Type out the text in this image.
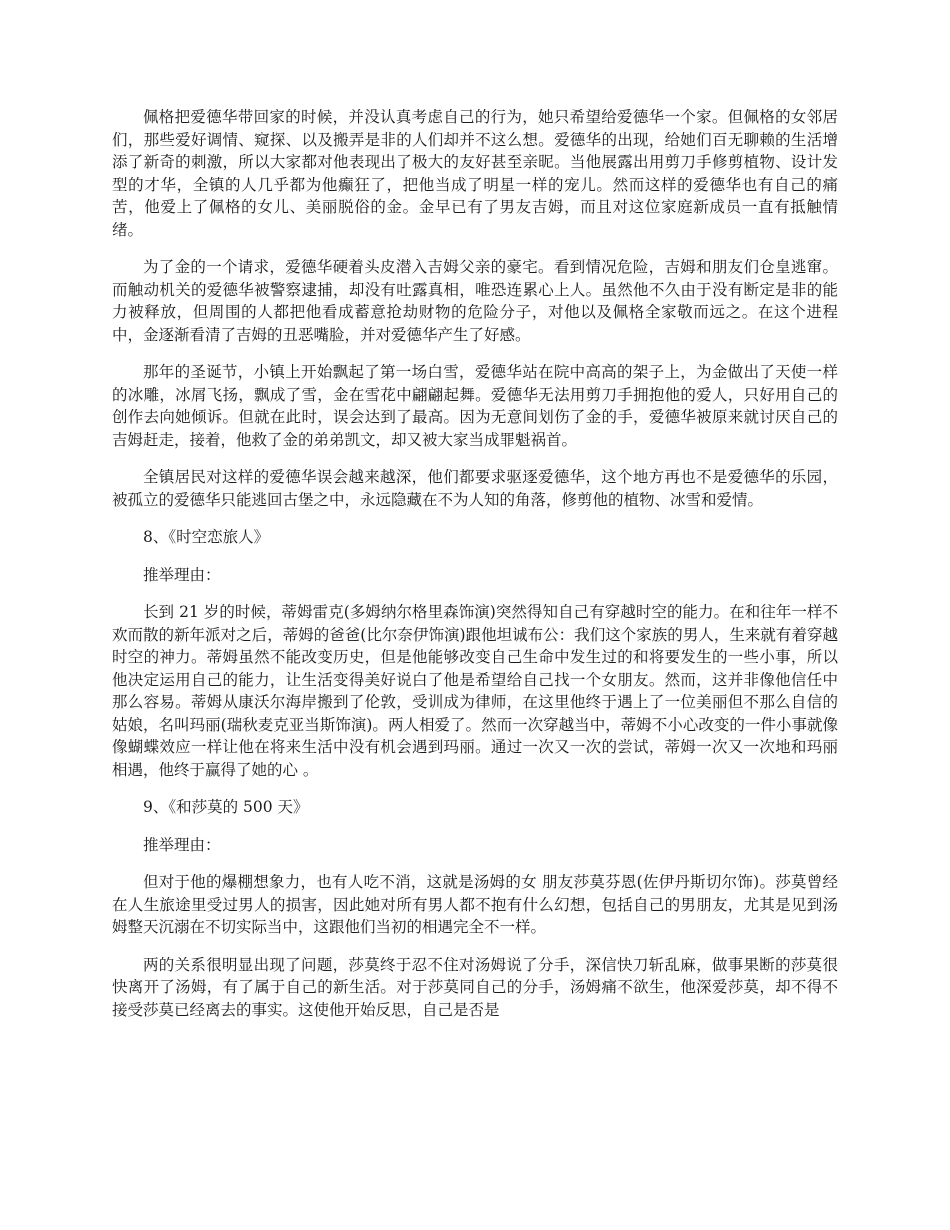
佩格把爱德华带回家的时候，并没认真考虑自己的行为，她只希望给爱德华一个家。但佩格的女邻居们，那些爱好调情、窥探、以及搬弄是非的人们却并不这么想。爱德华的出现，给她们百无聊赖的生活增添了新奇的刺激，所以大家都对他表现出了极大的友好甚至亲昵。当他展露出用剪刀手修剪植物、设计发型的才华，全镇的人几乎都为他癫狂了，把他当成了明星一样的宠儿。然而这样的爱德华也有自己的痛苦，他爱上了佩格的女儿、美丽脱俗的金。金早已有了男友吉姆，而且对这位家庭新成员一直有抵触情绪。

为了金的一个请求，爱德华硬着头皮潜入吉姆父亲的豪宅。看到情况危险，吉姆和朋友们仓皇逃窜。而触动机关的爱德华被警察逮捕，却没有吐露真相，唯恐连累心上人。虽然他不久由于没有断定是非的能力被释放，但周围的人都把他看成蓄意抢劫财物的危险分子，对他以及佩格全家敬而远之。在这个进程中，金逐渐看清了吉姆的丑恶嘴脸，并对爱德华产生了好感。

那年的圣诞节，小镇上开始飘起了第一场白雪，爱德华站在院中高高的架子上，为金做出了天使一样的冰雕，冰屑飞扬，飘成了雪，金在雪花中翩翩起舞。爱德华无法用剪刀手拥抱他的爱人，只好用自己的创作去向她倾诉。但就在此时，误会达到了最高。因为无意间划伤了金的手，爱德华被原来就讨厌自己的吉姆赶走，接着，他救了金的弟弟凯文，却又被大家当成罪魁祸首。

全镇居民对这样的爱德华误会越来越深，他们都要求驱逐爱德华，这个地方再也不是爱德华的乐园，被孤立的爱德华只能逃回古堡之中，永远隐藏在不为人知的角落，修剪他的植物、冰雪和爱情。

8、《时空恋旅人》

推举理由：

长到 21 岁的时候，蒂姆雷克(多姆纳尔格里森饰演)突然得知自己有穿越时空的能力。在和往年一样不欢而散的新年派对之后，蒂姆的爸爸(比尔奈伊饰演)跟他坦诚布公：我们这个家族的男人，生来就有着穿越时空的神力。蒂姆虽然不能改变历史，但是他能够改变自己生命中发生过的和将要发生的一些小事，所以他决定运用自己的能力，让生活变得美好说白了他是希望给自己找一个女朋友。然而，这并非像他信任中那么容易。蒂姆从康沃尔海岸搬到了伦敦，受训成为律师，在这里他终于遇上了一位美丽但不那么自信的姑娘，名叫玛丽(瑞秋麦克亚当斯饰演)。两人相爱了。然而一次穿越当中，蒂姆不小心改变的一件小事就像像蝴蝶效应一样让他在将来生活中没有机会遇到玛丽。通过一次又一次的尝试，蒂姆一次又一次地和玛丽相遇，他终于赢得了她的心 。

9、《和莎莫的 500 天》

推举理由：

但对于他的爆棚想象力，也有人吃不消，这就是汤姆的女 朋友莎莫芬恩(佐伊丹斯切尔饰)。莎莫曾经在人生旅途里受过男人的损害，因此她对所有男人都不抱有什么幻想，包括自己的男朋友，尤其是见到汤姆整天沉溺在不切实际当中，这跟他们当初的相遇完全不一样。

两的关系很明显出现了问题，莎莫终于忍不住对汤姆说了分手，深信快刀斩乱麻，做事果断的莎莫很快离开了汤姆，有了属于自己的新生活。对于莎莫同自己的分手，汤姆痛不欲生，他深爱莎莫，却不得不接受莎莫已经离去的事实。这使他开始反思，自己是否是
